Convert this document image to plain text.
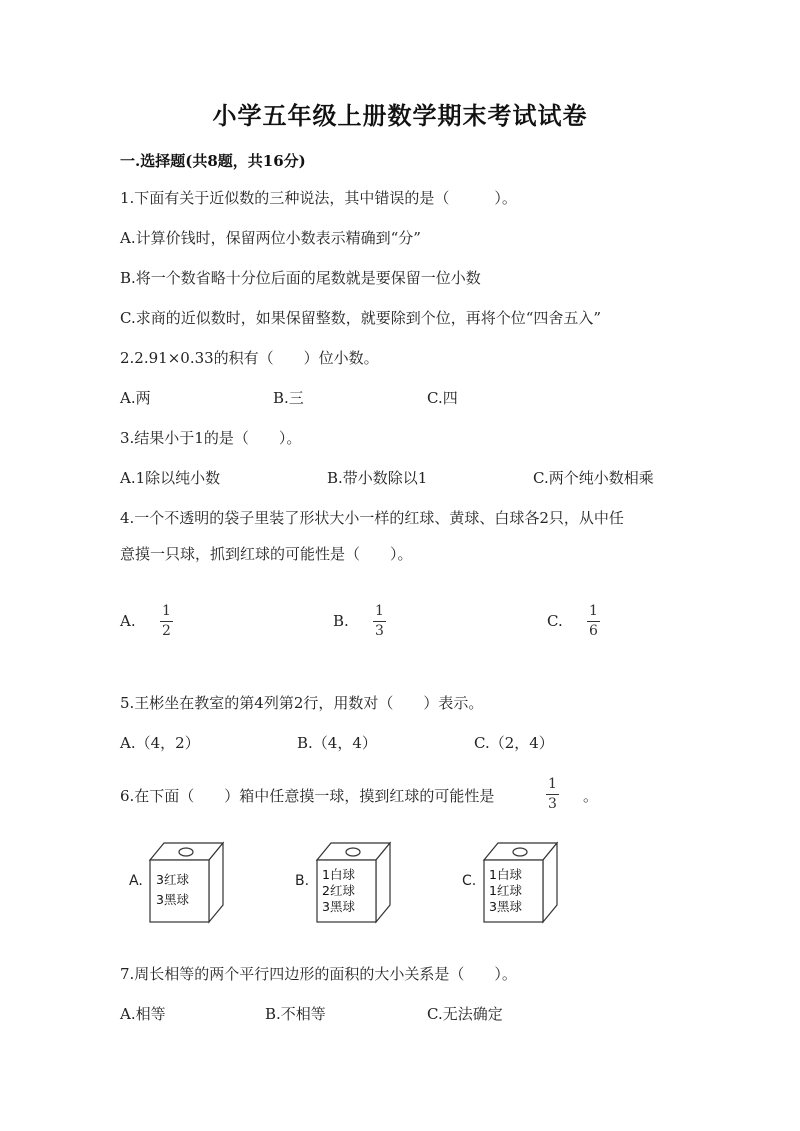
小学五年级上册数学期末考试试卷
一.选择题(共8题，共16分)
1.下面有关于近似数的三种说法，其中错误的是（　　　）。
A.计算价钱时，保留两位小数表示精确到“分”
B.将一个数省略十分位后面的尾数就是要保留一位小数
C.求商的近似数时，如果保留整数，就要除到个位，再将个位“四舍五入”
2.2.91×0.33的积有（　　）位小数。
A.两	B.三	C.四
3.结果小于1的是（　　）。
A.1除以纯小数	B.带小数除以1	C.两个纯小数相乘
4.一个不透明的袋子里装了形状大小一样的红球、黄球、白球各2只，从中任
意摸一只球，抓到红球的可能性是（　　）。
A.
1
2
B.
1
3
C.
1
6
5.王彬坐在教室的第4列第2行，用数对（　　）表示。
A.（4，2）	B.（4，4）	C.（2，4）
6.在下面（　　）箱中任意摸一球，摸到红球的可能性是
1
3 。
A. 3红球
3黑球
B. 1白球
2红球
3黑球
C. 1白球
1红球
3黑球
7.周长相等的两个平行四边形的面积的大小关系是（　　）。
A.相等	B.不相等	C.无法确定
